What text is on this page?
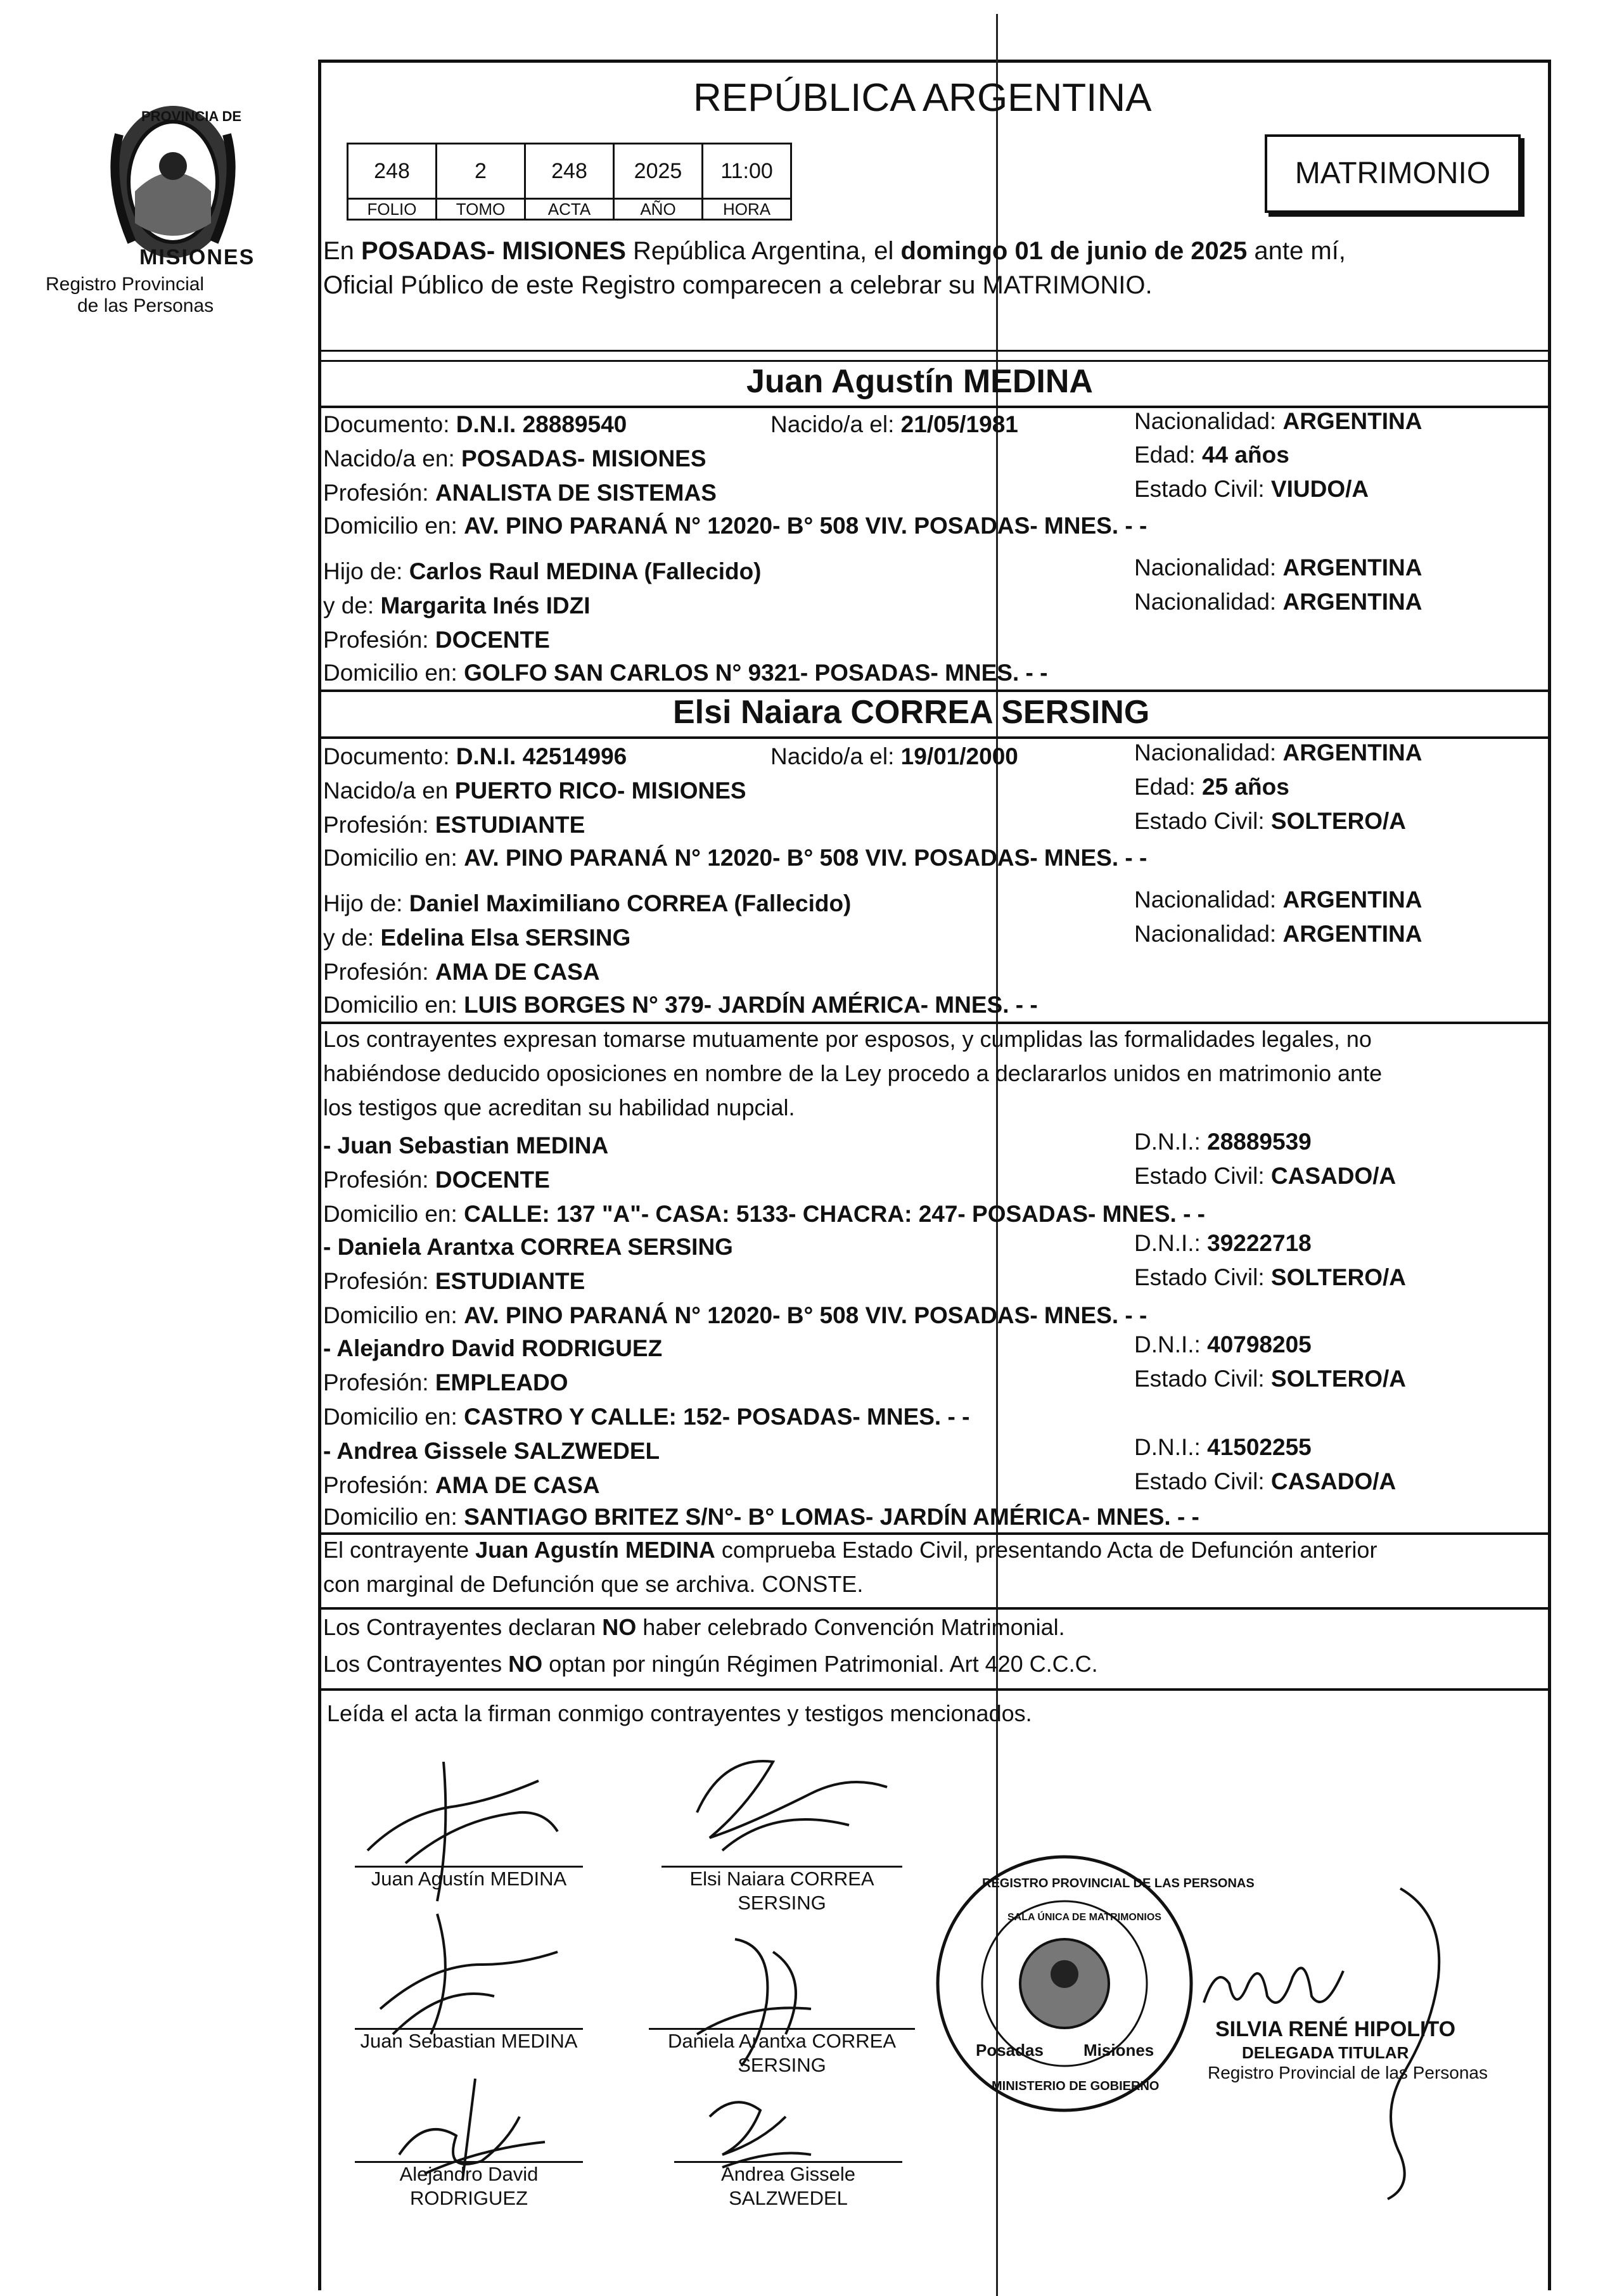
PROVINCIA DE
MISIONES
Registro Provincial
de las Personas
REPÚBLICA ARGENTINA
248	2	248	2025	11:00
FOLIO	TOMO	ACTA	AÑO	HORA
MATRIMONIO
En POSADAS- MISIONES República Argentina, el domingo 01 de junio de 2025 ante mí,
Oficial Público de este Registro comparecen a celebrar su MATRIMONIO.
Juan Agustín MEDINA
Documento: D.N.I. 28889540	Nacido/a el: 21/05/1981	Nacionalidad: ARGENTINA
Nacido/a en: POSADAS- MISIONES	Edad: 44 años
Profesión: ANALISTA DE SISTEMAS	Estado Civil: VIUDO/A
Domicilio en: AV. PINO PARANÁ N° 12020- B° 508 VIV. POSADAS- MNES. - -
Hijo de: Carlos Raul MEDINA (Fallecido)	Nacionalidad: ARGENTINA
y de: Margarita Inés IDZI	Nacionalidad: ARGENTINA
Profesión: DOCENTE
Domicilio en: GOLFO SAN CARLOS N° 9321- POSADAS- MNES. - -
Elsi Naiara CORREA SERSING
Documento: D.N.I. 42514996	Nacido/a el: 19/01/2000	Nacionalidad: ARGENTINA
Nacido/a en PUERTO RICO- MISIONES	Edad: 25 años
Profesión: ESTUDIANTE	Estado Civil: SOLTERO/A
Domicilio en: AV. PINO PARANÁ N° 12020- B° 508 VIV. POSADAS- MNES. - -
Hijo de: Daniel Maximiliano CORREA (Fallecido)	Nacionalidad: ARGENTINA
y de: Edelina Elsa SERSING	Nacionalidad: ARGENTINA
Profesión: AMA DE CASA
Domicilio en: LUIS BORGES N° 379- JARDÍN AMÉRICA- MNES. - -
Los contrayentes expresan tomarse mutuamente por esposos, y cumplidas las formalidades legales, no
habiéndose deducido oposiciones en nombre de la Ley procedo a declararlos unidos en matrimonio ante
los testigos que acreditan su habilidad nupcial.
- Juan Sebastian MEDINA	D.N.I.: 28889539
Profesión: DOCENTE	Estado Civil: CASADO/A
Domicilio en: CALLE: 137 "A"- CASA: 5133- CHACRA: 247- POSADAS- MNES. - -
- Daniela Arantxa CORREA SERSING	D.N.I.: 39222718
Profesión: ESTUDIANTE	Estado Civil: SOLTERO/A
Domicilio en: AV. PINO PARANÁ N° 12020- B° 508 VIV. POSADAS- MNES. - -
- Alejandro David RODRIGUEZ	D.N.I.: 40798205
Profesión: EMPLEADO	Estado Civil: SOLTERO/A
Domicilio en: CASTRO Y CALLE: 152- POSADAS- MNES. - -
- Andrea Gissele SALZWEDEL	D.N.I.: 41502255
Profesión: AMA DE CASA	Estado Civil: CASADO/A
Domicilio en: SANTIAGO BRITEZ S/N°- B° LOMAS- JARDÍN AMÉRICA- MNES. - -
El contrayente Juan Agustín MEDINA comprueba Estado Civil, presentando Acta de Defunción anterior
con marginal de Defunción que se archiva. CONSTE.
Los Contrayentes declaran NO haber celebrado Convención Matrimonial.
Los Contrayentes NO optan por ningún Régimen Patrimonial. Art 420 C.C.C.
Leída el acta la firman conmigo contrayentes y testigos mencionados.
Juan Agustín MEDINA	Elsi Naiara CORREA
SERSING
Juan Sebastian MEDINA	Daniela Arantxa CORREA
SERSING
Alejandro David
RODRIGUEZ
Andrea Gissele
SALZWEDEL
REGISTRO PROVINCIAL DE LAS PERSONAS
SALA ÚNICA DE MATRIMONIOS
Posadas Misiones
MINISTERIO DE GOBIERNO
SILVIA RENÉ HIPOLITO
DELEGADA TITULAR
Registro Provincial de las Personas
